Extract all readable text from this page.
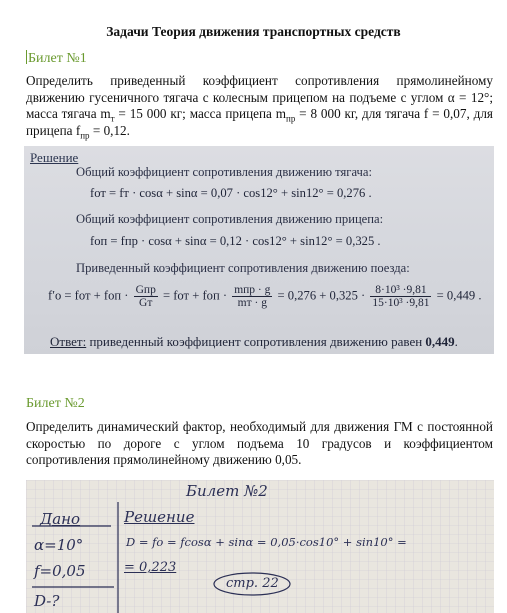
Задачи Теория движения транспортных средств
Билет №1
Определить приведенный коэффициент сопротивления прямолинейному движению гусеничного тягача с колесным прицепом на подъеме с углом α = 12°; масса тягача $m_т = 15$ 000 кг; масса прицепа $m_{пр} = 8$ 000 кг, для тягача f = 0,07, для прицепа $f_{пр} = 0,12$.
Решение
Общий коэффициент сопротивления движению тягача:
fот = fт · cosα + sinα = 0,07 · cos12° + sin12° = 0,276 .
Общий коэффициент сопротивления движению прицепа:
fоп = fпр · cosα + sinα = 0,12 · cos12° + sin12° = 0,325 .
Приведенный коэффициент сопротивления движению поезда:
f′о = fот + fоп · $\frac{\text{Gпр}}{Gт}$ = fот + fоп · $\frac{\text{mпр · g}}{mт \cdot g} = 0,276 + 0,325 \cdot \frac{\text{8·10³ ·9,81}}{\text{15·10³ ·9,81}} = 0,449$ .
Ответ: приведенный коэффициент сопротивления движению равен 0,449.
Билет №2
Определить динамический фактор, необходимый для движения ГМ с постоянной скоростью по дороге с углом подъема 10 градусов и коэффициентом сопротивления прямолинейному движению 0,05.
Билет №2
Дано	Решение
α=10°	D = fo = fcosα + sinα = 0,05·cos10° + sin10° =
f=0,05	= 0,223
стр. 22
D-?
